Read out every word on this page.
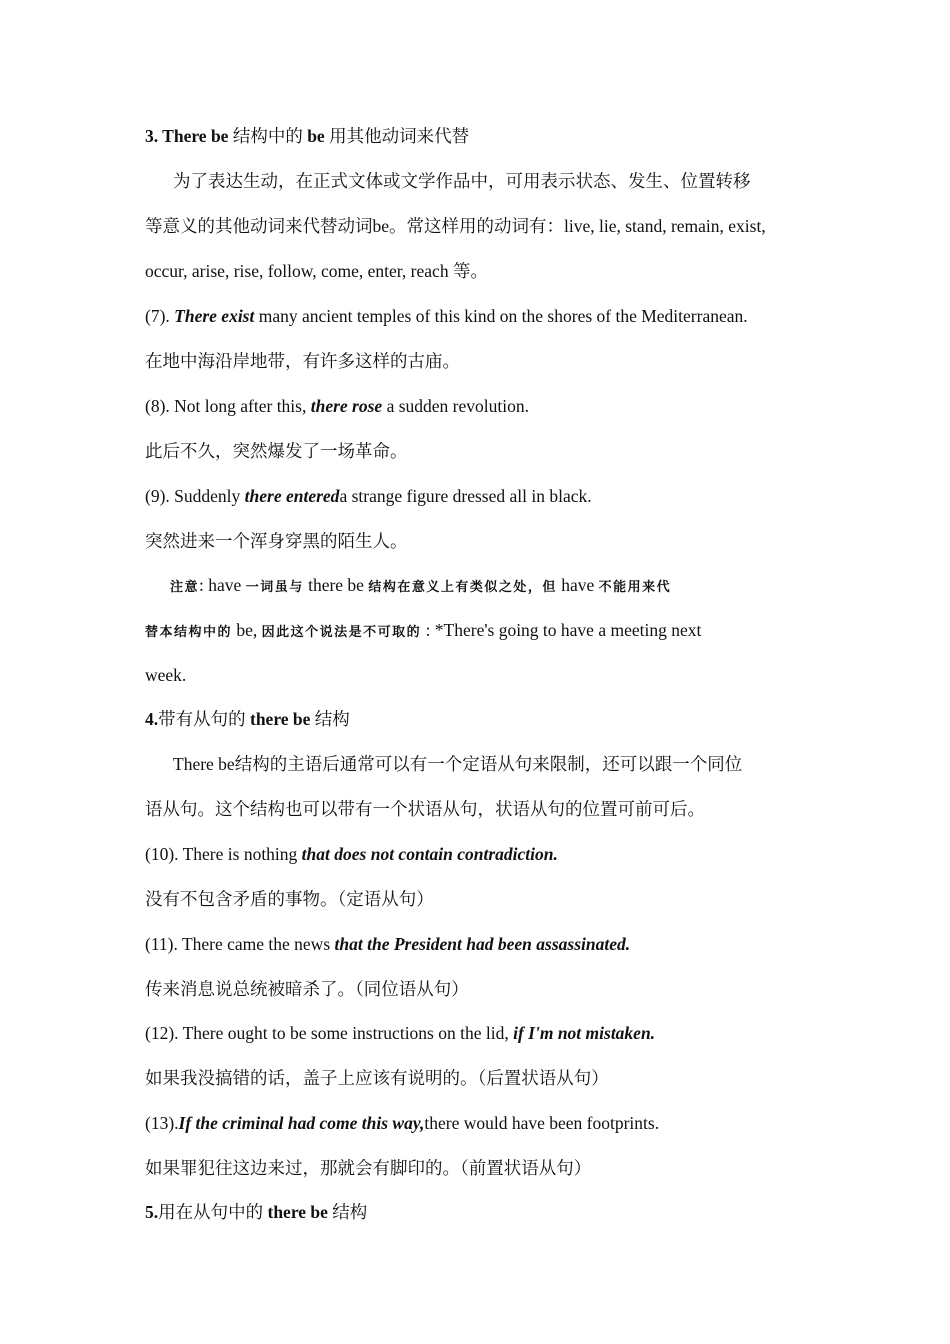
3. There be 结构中的 be 用其他动词来代替
为了表达生动，在正式文体或文学作品中，可用表示状态、发生、位置转移
等意义的其他动词来代替动词be。常这样用的动词有：live, lie, stand, remain, exist,
occur, arise, rise, follow, come, enter, reach 等。
(7). There exist many ancient temples of this kind on the shores of the Mediterranean.
在地中海沿岸地带，有许多这样的古庙。
(8). Not long after this, there rose a sudden revolution.
此后不久，突然爆发了一场革命。
(9). Suddenly there entereda strange figure dressed all in black.
突然进来一个浑身穿黑的陌生人。
注意: have 一词虽与 there be 结构在意义上有类似之处，但 have 不能用来代
替本结构中的 be, 因此这个说法是不可取的 : *There's going to have a meeting next
week.
4.带有从句的 there be 结构
There be结构的主语后通常可以有一个定语从句来限制，还可以跟一个同位
语从句。这个结构也可以带有一个状语从句，状语从句的位置可前可后。
(10). There is nothing that does not contain contradiction.
没有不包含矛盾的事物。（定语从句）
(11). There came the news that the President had been assassinated.
传来消息说总统被暗杀了。（同位语从句）
(12). There ought to be some instructions on the lid, if I'm not mistaken.
如果我没搞错的话，盖子上应该有说明的。（后置状语从句）
(13).If the criminal had come this way,there would have been footprints.
如果罪犯往这边来过，那就会有脚印的。（前置状语从句）
5.用在从句中的 there be 结构
